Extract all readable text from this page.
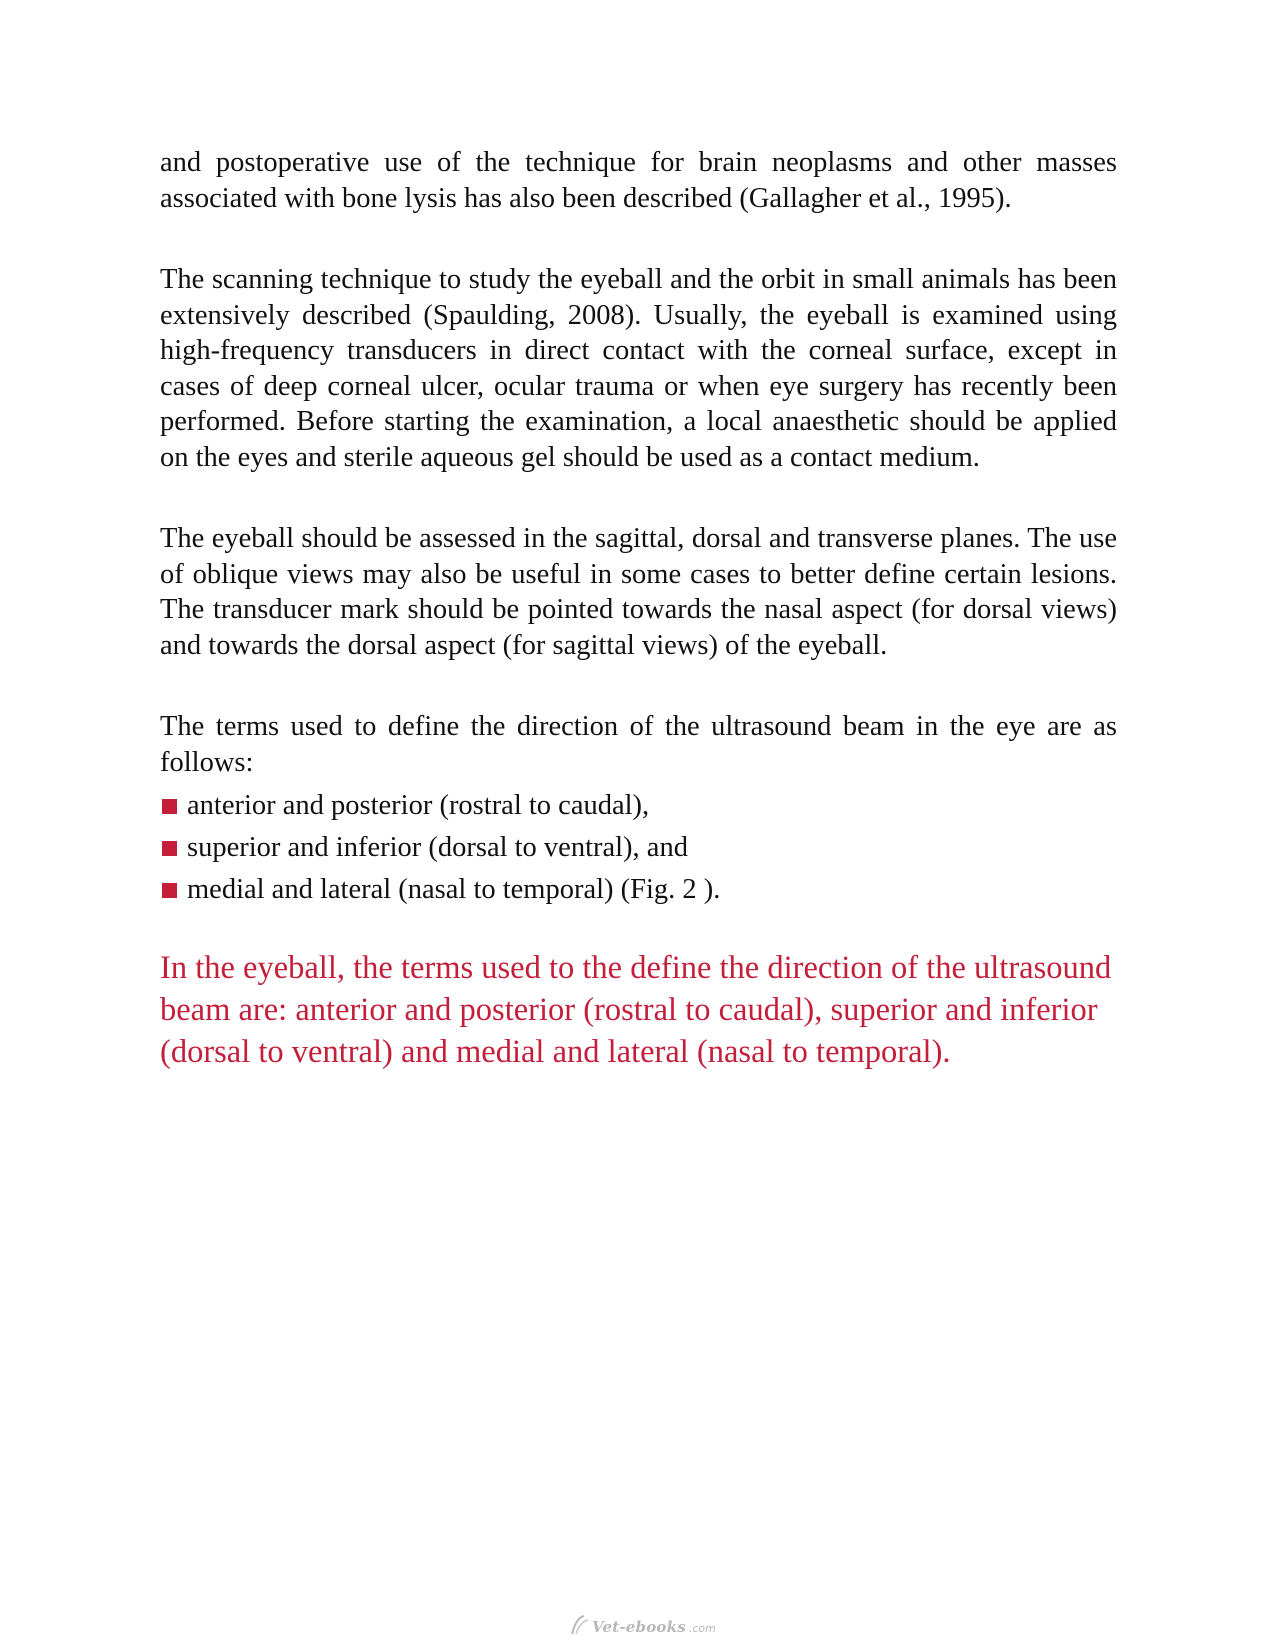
and postoperative use of the technique for brain neoplasms and other masses associated with bone lysis has also been described (Gallagher et al., 1995).

The scanning technique to study the eyeball and the orbit in small animals has been extensively described (Spaulding, 2008). Usually, the eyeball is examined using high-frequency transducers in direct contact with the corneal surface, except in cases of deep corneal ulcer, ocular trauma or when eye surgery has recently been performed. Before starting the examination, a local anaesthetic should be applied on the eyes and sterile aqueous gel should be used as a contact medium.

The eyeball should be assessed in the sagittal, dorsal and transverse planes. The use of oblique views may also be useful in some cases to better define certain lesions. The transducer mark should be pointed towards the nasal aspect (for dorsal views) and towards the dorsal aspect (for sagittal views) of the eyeball.

The terms used to define the direction of the ultrasound beam in the eye are as follows:

anterior and posterior (rostral to caudal),
superior and inferior (dorsal to ventral), and
medial and lateral (nasal to temporal) (Fig. 2 ).

In the eyeball, the terms used to the define the direction of the ultrasound beam are: anterior and posterior (rostral to caudal), superior and inferior (dorsal to ventral) and medial and lateral (nasal to temporal).

Vet-ebooks .com
